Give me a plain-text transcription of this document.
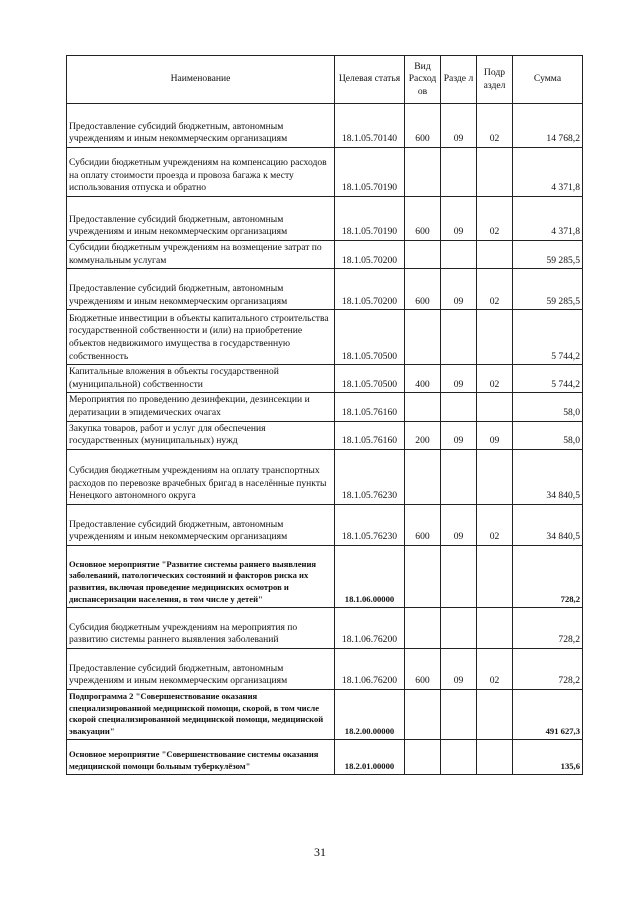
Наименование	Целевая статья	Вид Расход ов	Разде л	Подр аздел	Сумма
Предоставление субсидий бюджетным, автономным учреждениям и иным некоммерческим организациям	18.1.05.70140	600	09	02	14 768,2
Субсидии бюджетным учреждениям на компенсацию расходов на оплату стоимости проезда и провоза багажа к месту использования отпуска и обратно	18.1.05.70190				4 371,8
Предоставление субсидий бюджетным, автономным учреждениям и иным некоммерческим организациям	18.1.05.70190	600	09	02	4 371,8
Субсидии бюджетным учреждениям на возмещение затрат по коммунальным услугам	18.1.05.70200				59 285,5
Предоставление субсидий бюджетным, автономным учреждениям и иным некоммерческим организациям	18.1.05.70200	600	09	02	59 285,5
Бюджетные инвестиции в объекты капитального строительства государственной собственности и (или) на приобретение объектов недвижимого имущества в государственную собственность	18.1.05.70500				5 744,2
Капитальные вложения в объекты государственной (муниципальной) собственности	18.1.05.70500	400	09	02	5 744,2
Мероприятия по проведению дезинфекции, дезинсекции и дератизации в эпидемических очагах	18.1.05.76160				58,0
Закупка товаров, работ и услуг для обеспечения государственных (муниципальных) нужд	18.1.05.76160	200	09	09	58,0
Субсидия бюджетным учреждениям на оплату транспортных расходов по перевозке врачебных бригад в населённые пункты Ненецкого автономного округа	18.1.05.76230				34 840,5
Предоставление субсидий бюджетным, автономным учреждениям и иным некоммерческим организациям	18.1.05.76230	600	09	02	34 840,5
Основное мероприятие "Развитие системы раннего выявления заболеваний, патологических состояний и факторов риска их развития, включая проведение медицинских осмотров и диспансеризации населения, в том числе у детей"	18.1.06.00000				728,2
Субсидия бюджетным учреждениям на мероприятия по развитию системы раннего выявления заболеваний	18.1.06.76200				728,2
Предоставление субсидий бюджетным, автономным учреждениям и иным некоммерческим организациям	18.1.06.76200	600	09	02	728,2
Подпрограмма 2 "Совершенствование оказания специализированной медицинской помощи, скорой, в том числе скорой специализированной медицинской помощи, медицинской эвакуации"	18.2.00.00000				491 627,3
Основное мероприятие "Совершенствование системы оказания медицинской помощи больным туберкулёзом"	18.2.01.00000				135,6
31
